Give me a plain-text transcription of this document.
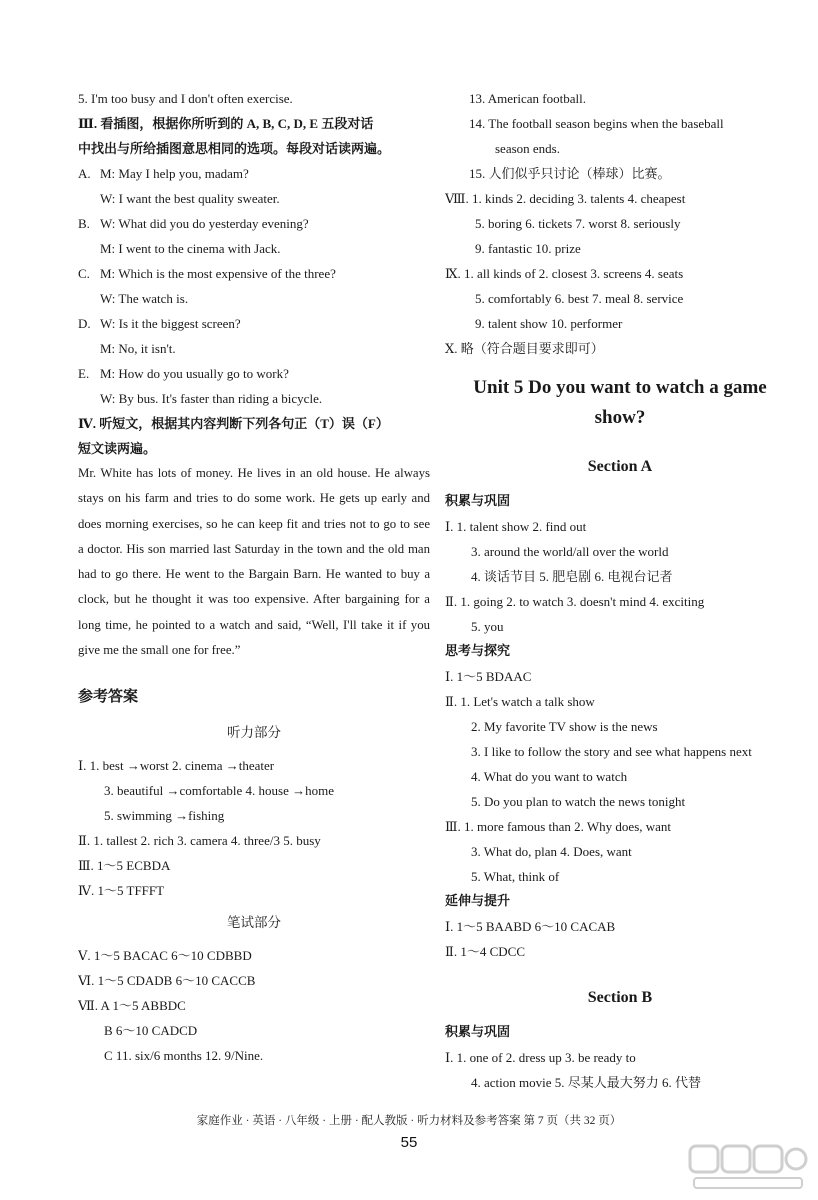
5. I'm too busy and I don't often exercise.
Ⅲ. 看插图，根据你所听到的 A, B, C, D, E 五段对话
中找出与所给插图意思相同的选项。每段对话读两遍。
A. M: May I help you, madam?
W: I want the best quality sweater.
B. W: What did you do yesterday evening?
M: I went to the cinema with Jack.
C. M: Which is the most expensive of the three?
W: The watch is.
D. W: Is it the biggest screen?
M: No, it isn't.
E. M: How do you usually go to work?
W: By bus. It's faster than riding a bicycle.
Ⅳ. 听短文，根据其内容判断下列各句正（T）误（F）
短文读两遍。
Mr. White has lots of money. He lives in an old house. He always stays on his farm and tries to do some work. He gets up early and does morning exercises, so he can keep fit and tries not to go to see a doctor. His son married last Saturday in the town and the old man had to go there. He went to the Bargain Barn. He wanted to buy a clock, but he thought it was too expensive. After bargaining for a long time, he pointed to a watch and said, “Well, I'll take it if you give me the small one for free.”
参考答案
听力部分
Ⅰ. 1. best →worst 2. cinema →theater
3. beautiful →comfortable 4. house →home
5. swimming →fishing
Ⅱ. 1. tallest 2. rich 3. camera 4. three/3 5. busy
Ⅲ. 1～5 ECBDA
Ⅳ. 1～5 TFFFT
笔试部分
Ⅴ. 1～5 BACAC 6～10 CDBBD
Ⅵ. 1～5 CDADB 6～10 CACCB
Ⅶ. A 1～5 ABBDC
B 6～10 CADCD
C 11. six/6 months 12. 9/Nine.
13. American football.
14. The football season begins when the baseball
season ends.
15. 人们似乎只讨论（棒球）比赛。
Ⅷ. 1. kinds 2. deciding 3. talents 4. cheapest
5. boring 6. tickets 7. worst 8. seriously
9. fantastic 10. prize
Ⅸ. 1. all kinds of 2. closest 3. screens 4. seats
5. comfortably 6. best 7. meal 8. service
9. talent show 10. performer
Ⅹ. 略（符合题目要求即可）
Unit 5 Do you want to watch a game
show?
Section A
积累与巩固
Ⅰ. 1. talent show 2. find out
3. around the world/all over the world
4. 谈话节目 5. 肥皂剧 6. 电视台记者
Ⅱ. 1. going 2. to watch 3. doesn't mind 4. exciting
5. you
思考与探究
Ⅰ. 1～5 BDAAC
Ⅱ. 1. Let's watch a talk show
2. My favorite TV show is the news
3. I like to follow the story and see what happens next
4. What do you want to watch
5. Do you plan to watch the news tonight
Ⅲ. 1. more famous than 2. Why does, want
3. What do, plan 4. Does, want
5. What, think of
延伸与提升
Ⅰ. 1～5 BAABD 6～10 CACAB
Ⅱ. 1～4 CDCC
Section B
积累与巩固
Ⅰ. 1. one of 2. dress up 3. be ready to
4. action movie 5. 尽某人最大努力 6. 代替
家庭作业 · 英语 · 八年级 · 上册 · 配人教版 · 听力材料及参考答案 第 7 页（共 32 页）
55
